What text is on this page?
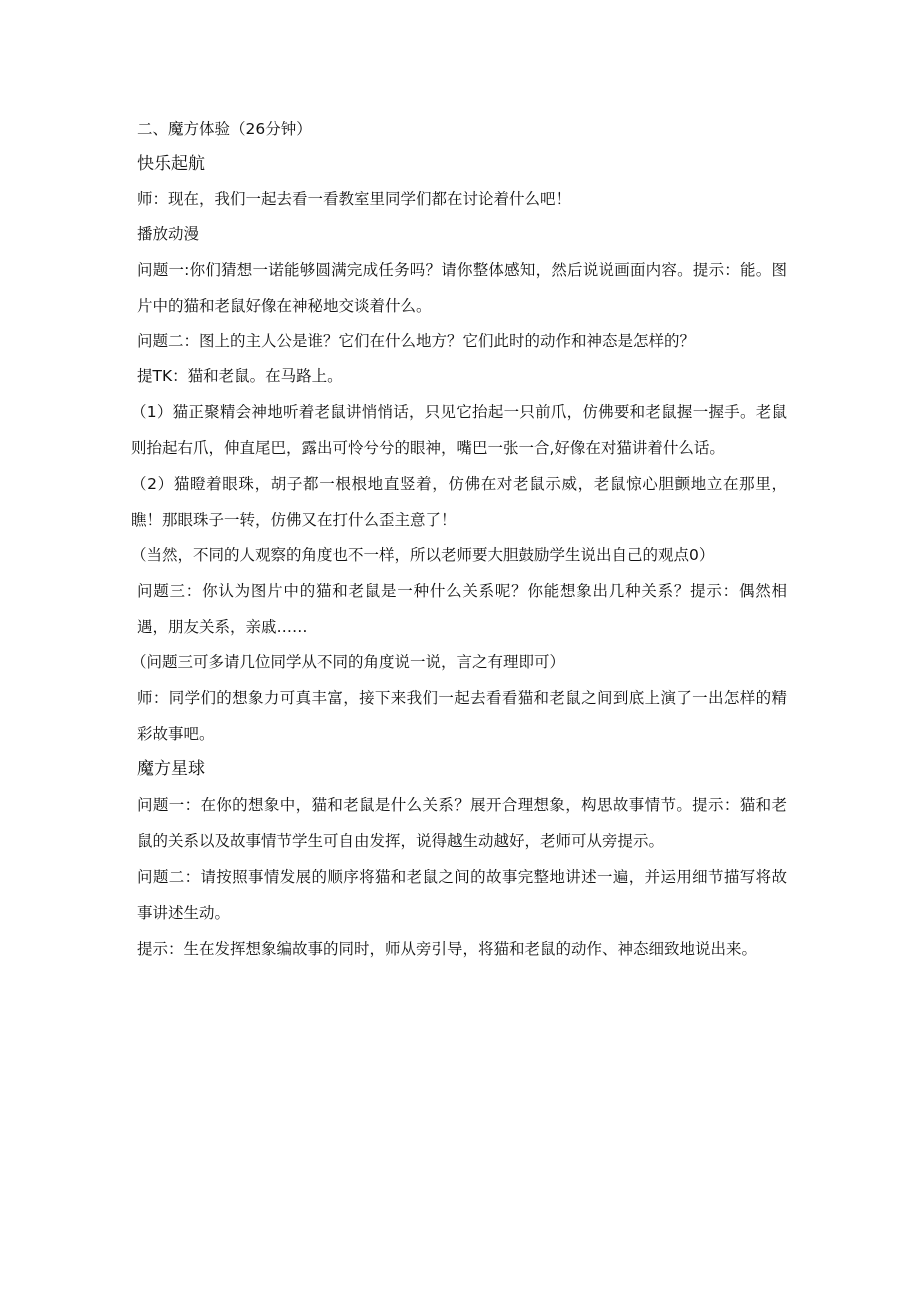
二、魔方体验（26分钟）
快乐起航
师：现在，我们一起去看一看教室里同学们都在讨论着什么吧！
播放动漫
问题一:你们猜想一诺能够圆满完成任务吗？请你整体感知，然后说说画面内容。提示：能。图片中的猫和老鼠好像在神秘地交谈着什么。
问题二：图上的主人公是谁？它们在什么地方？它们此时的动作和神态是怎样的？
提TK：猫和老鼠。在马路上。
（1）猫正聚精会神地听着老鼠讲悄悄话，只见它抬起一只前爪，仿佛要和老鼠握一握手。老鼠则抬起右爪，伸直尾巴，露出可怜兮兮的眼神，嘴巴一张一合,好像在对猫讲着什么话。
（2）猫瞪着眼珠，胡子都一根根地直竖着，仿佛在对老鼠示威，老鼠惊心胆颤地立在那里，瞧！那眼珠子一转，仿佛又在打什么歪主意了！
（当然，不同的人观察的角度也不一样，所以老师要大胆鼓励学生说出自己的观点0）
问题三：你认为图片中的猫和老鼠是一种什么关系呢？你能想象出几种关系？提示：偶然相遇，朋友关系，亲戚……
（问题三可多请几位同学从不同的角度说一说，言之有理即可）
师：同学们的想象力可真丰富，接下来我们一起去看看猫和老鼠之间到底上演了一出怎样的精彩故事吧。
魔方星球
问题一：在你的想象中，猫和老鼠是什么关系？展开合理想象，构思故事情节。提示：猫和老鼠的关系以及故事情节学生可自由发挥，说得越生动越好，老师可从旁提示。
问题二：请按照事情发展的顺序将猫和老鼠之间的故事完整地讲述一遍，并运用细节描写将故事讲述生动。
提示：生在发挥想象编故事的同时，师从旁引导，将猫和老鼠的动作、神态细致地说出来。
